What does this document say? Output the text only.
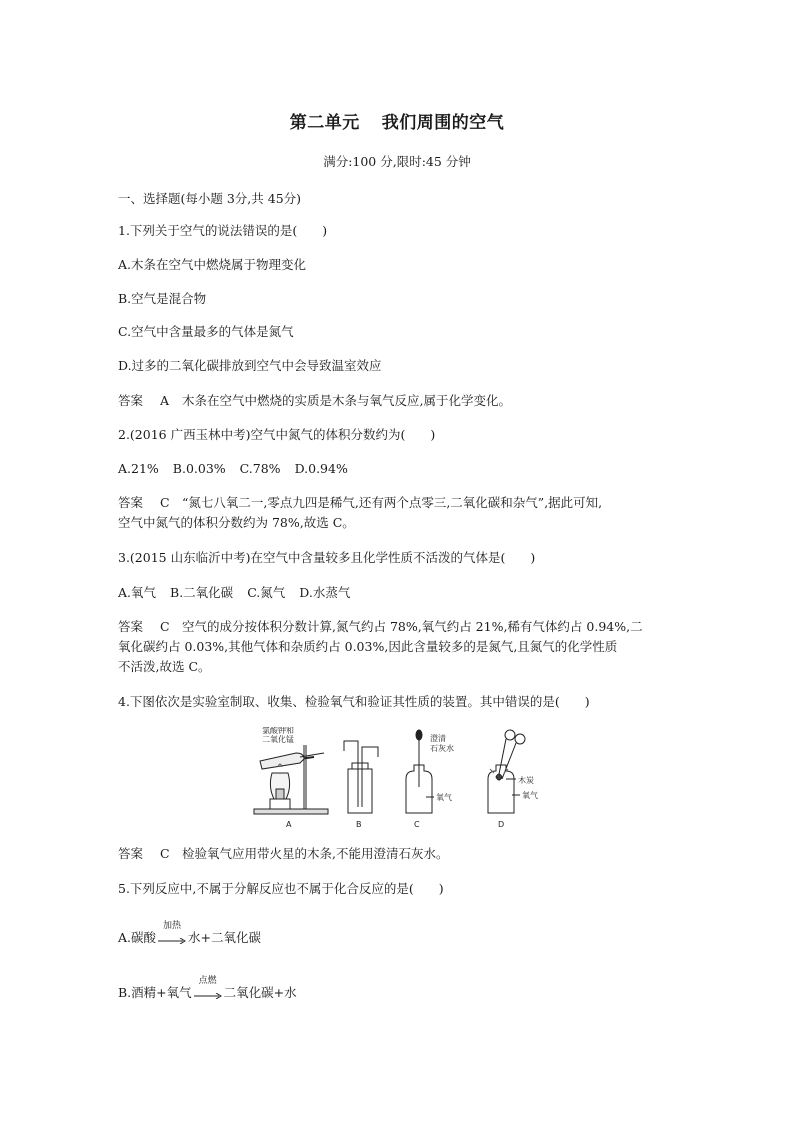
第二单元 我们周围的空气
满分:100 分,限时:45 分钟
一、选择题(每小题 3分,共 45分)
1.下列关于空气的说法错误的是(　　)
A.木条在空气中燃烧属于物理变化
B.空气是混合物
C.空气中含量最多的气体是氮气
D.过多的二氧化碳排放到空气中会导致温室效应
答案 A 木条在空气中燃烧的实质是木条与氧气反应,属于化学变化。
2.(2016 广西玉林中考)空气中氮气的体积分数约为(　　)
A.21% B.0.03% C.78% D.0.94%
答案 C “氮七八氧二一,零点九四是稀气,还有两个点零三,二氧化碳和杂气”,据此可知,
空气中氮气的体积分数约为 78%,故选 C。
3.(2015 山东临沂中考)在空气中含量较多且化学性质不活泼的气体是(　　)
A.氧气 B.二氧化碳 C.氮气 D.水蒸气
答案 C 空气的成分按体积分数计算,氮气约占 78%,氧气约占 21%,稀有气体约占 0.94%,二
氧化碳约占 0.03%,其他气体和杂质约占 0.03%,因此含量较多的是氮气,且氮气的化学性质
不活泼,故选 C。
4.下图依次是实验室制取、收集、检验氧气和验证其性质的装置。其中错误的是(　　)
氯酸钾和
二氧化锰
A	B
澄清
石灰水
氧气
C
木炭
氧气
D
答案 C 检验氧气应用带火星的木条,不能用澄清石灰水。
5.下列反应中,不属于分解反应也不属于化合反应的是(　　)
A.碳酸
加热
水+二氧化碳
B.酒精+氧气
点燃
二氧化碳+水
